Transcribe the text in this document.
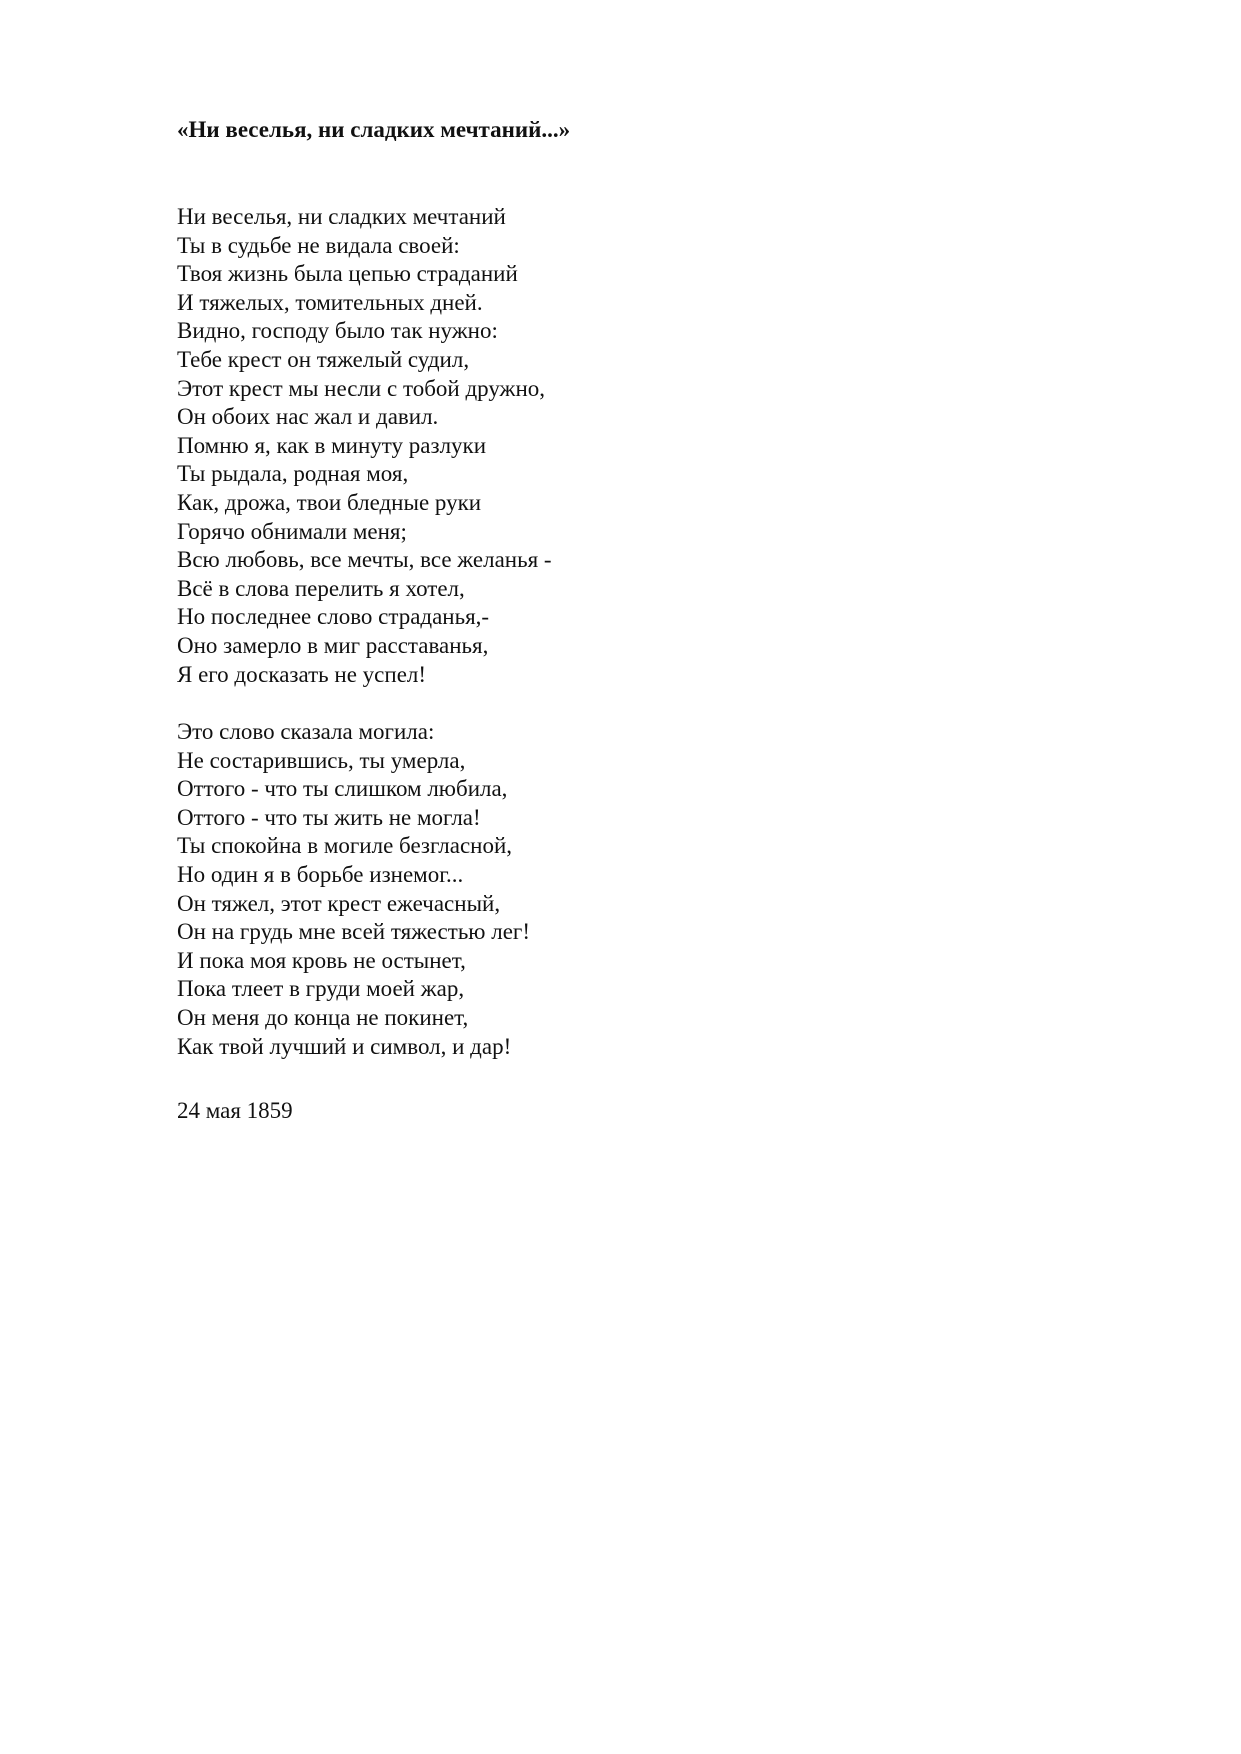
«Ни веселья, ни сладких мечтаний...»

Ни веселья, ни сладких мечтаний
Ты в судьбе не видала своей:
Твоя жизнь была цепью страданий
И тяжелых, томительных дней.
Видно, господу было так нужно:
Тебе крест он тяжелый судил,
Этот крест мы несли с тобой дружно,
Он обоих нас жал и давил.
Помню я, как в минуту разлуки
Ты рыдала, родная моя,
Как, дрожа, твои бледные руки
Горячо обнимали меня;
Всю любовь, все мечты, все желанья -
Всё в слова перелить я хотел,
Но последнее слово страданья,-
Оно замерло в миг расставанья,
Я его досказать не успел!

Это слово сказала могила:
Не состарившись, ты умерла,
Оттого - что ты слишком любила,
Оттого - что ты жить не могла!
Ты спокойна в могиле безгласной,
Но один я в борьбе изнемог...
Он тяжел, этот крест ежечасный,
Он на грудь мне всей тяжестью лег!
И пока моя кровь не остынет,
Пока тлеет в груди моей жар,
Он меня до конца не покинет,
Как твой лучший и символ, и дар!

24 мая 1859
